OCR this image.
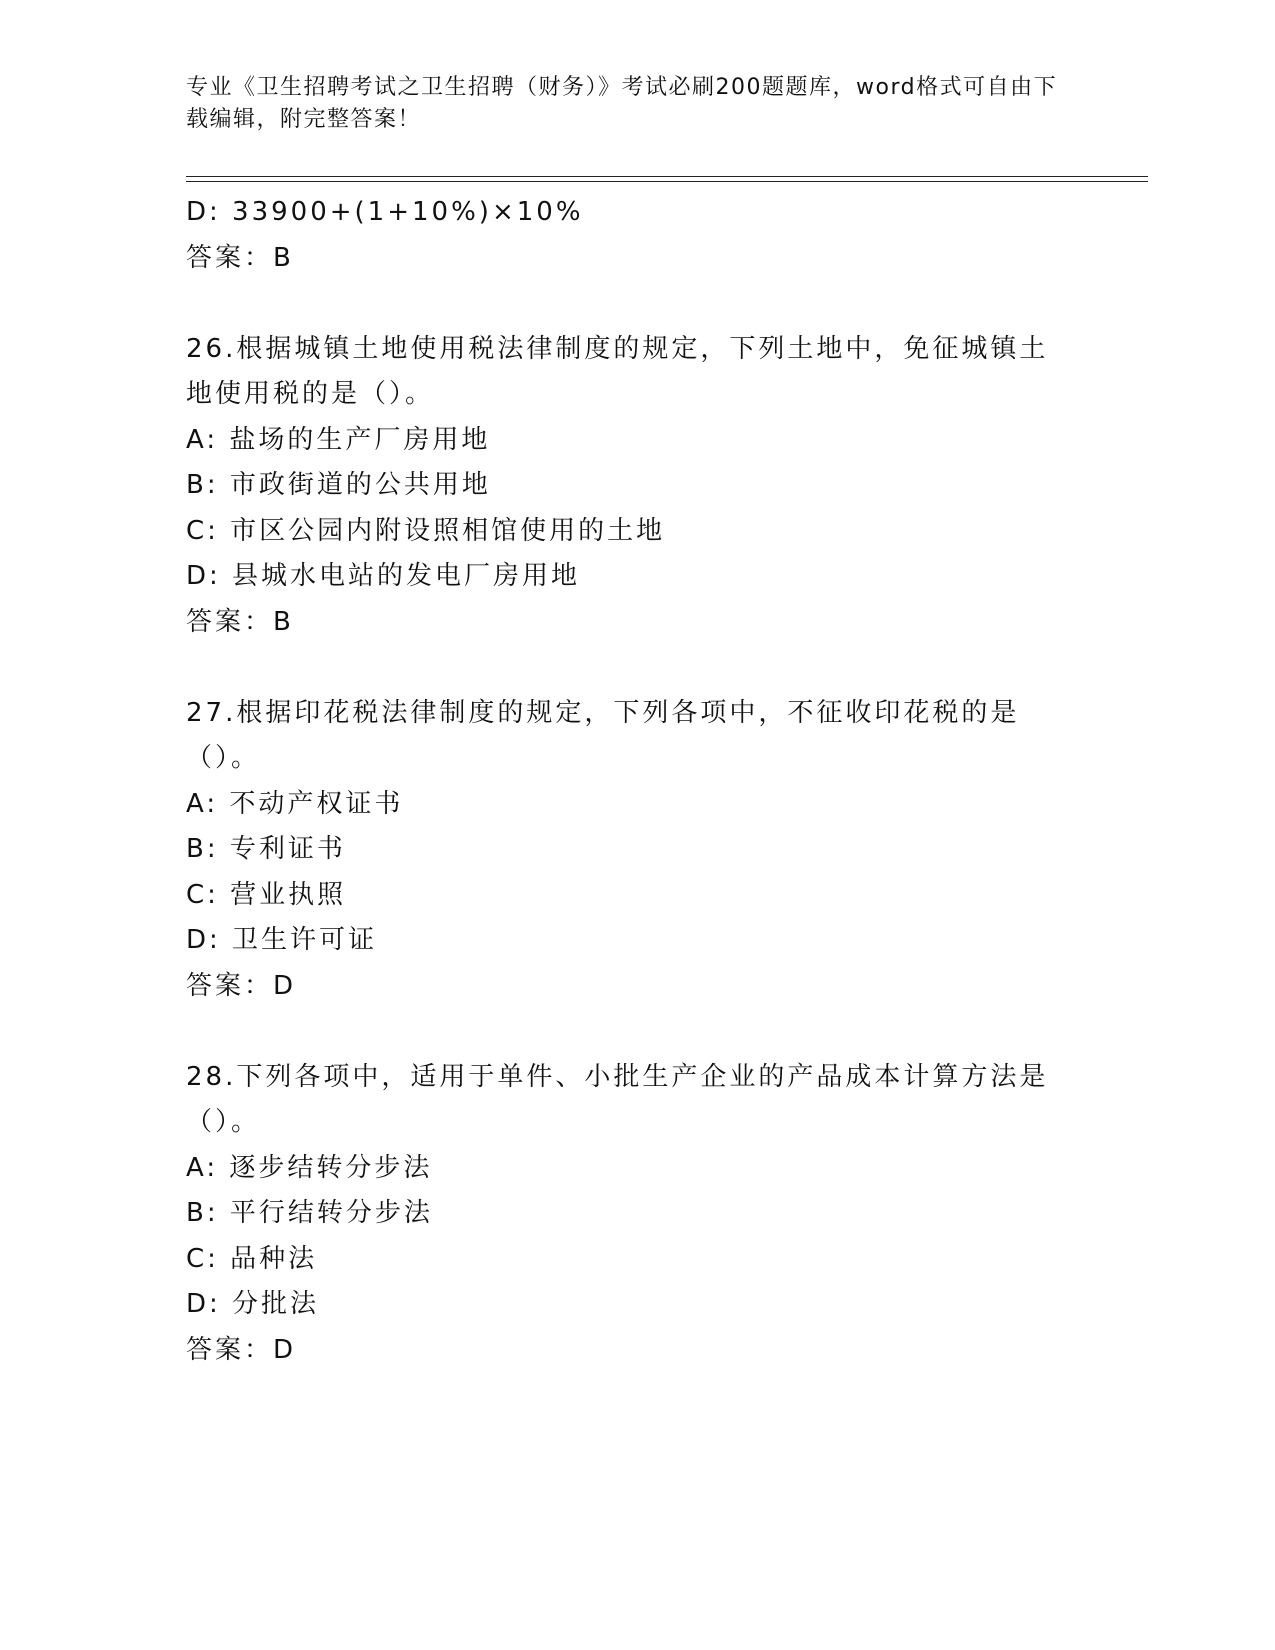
专业《卫生招聘考试之卫生招聘（财务）》考试必刷200题题库，word格式可自由下载编辑，附完整答案！
D: 33900+(1+10%)×10%
答案：B
26.根据城镇土地使用税法律制度的规定，下列土地中，免征城镇土地使用税的是（）。
A: 盐场的生产厂房用地
B: 市政街道的公共用地
C: 市区公园内附设照相馆使用的土地
D: 县城水电站的发电厂房用地
答案：B
27.根据印花税法律制度的规定，下列各项中，不征收印花税的是（）。
A: 不动产权证书
B: 专利证书
C: 营业执照
D: 卫生许可证
答案：D
28.下列各项中，适用于单件、小批生产企业的产品成本计算方法是（）。
A: 逐步结转分步法
B: 平行结转分步法
C: 品种法
D: 分批法
答案：D
